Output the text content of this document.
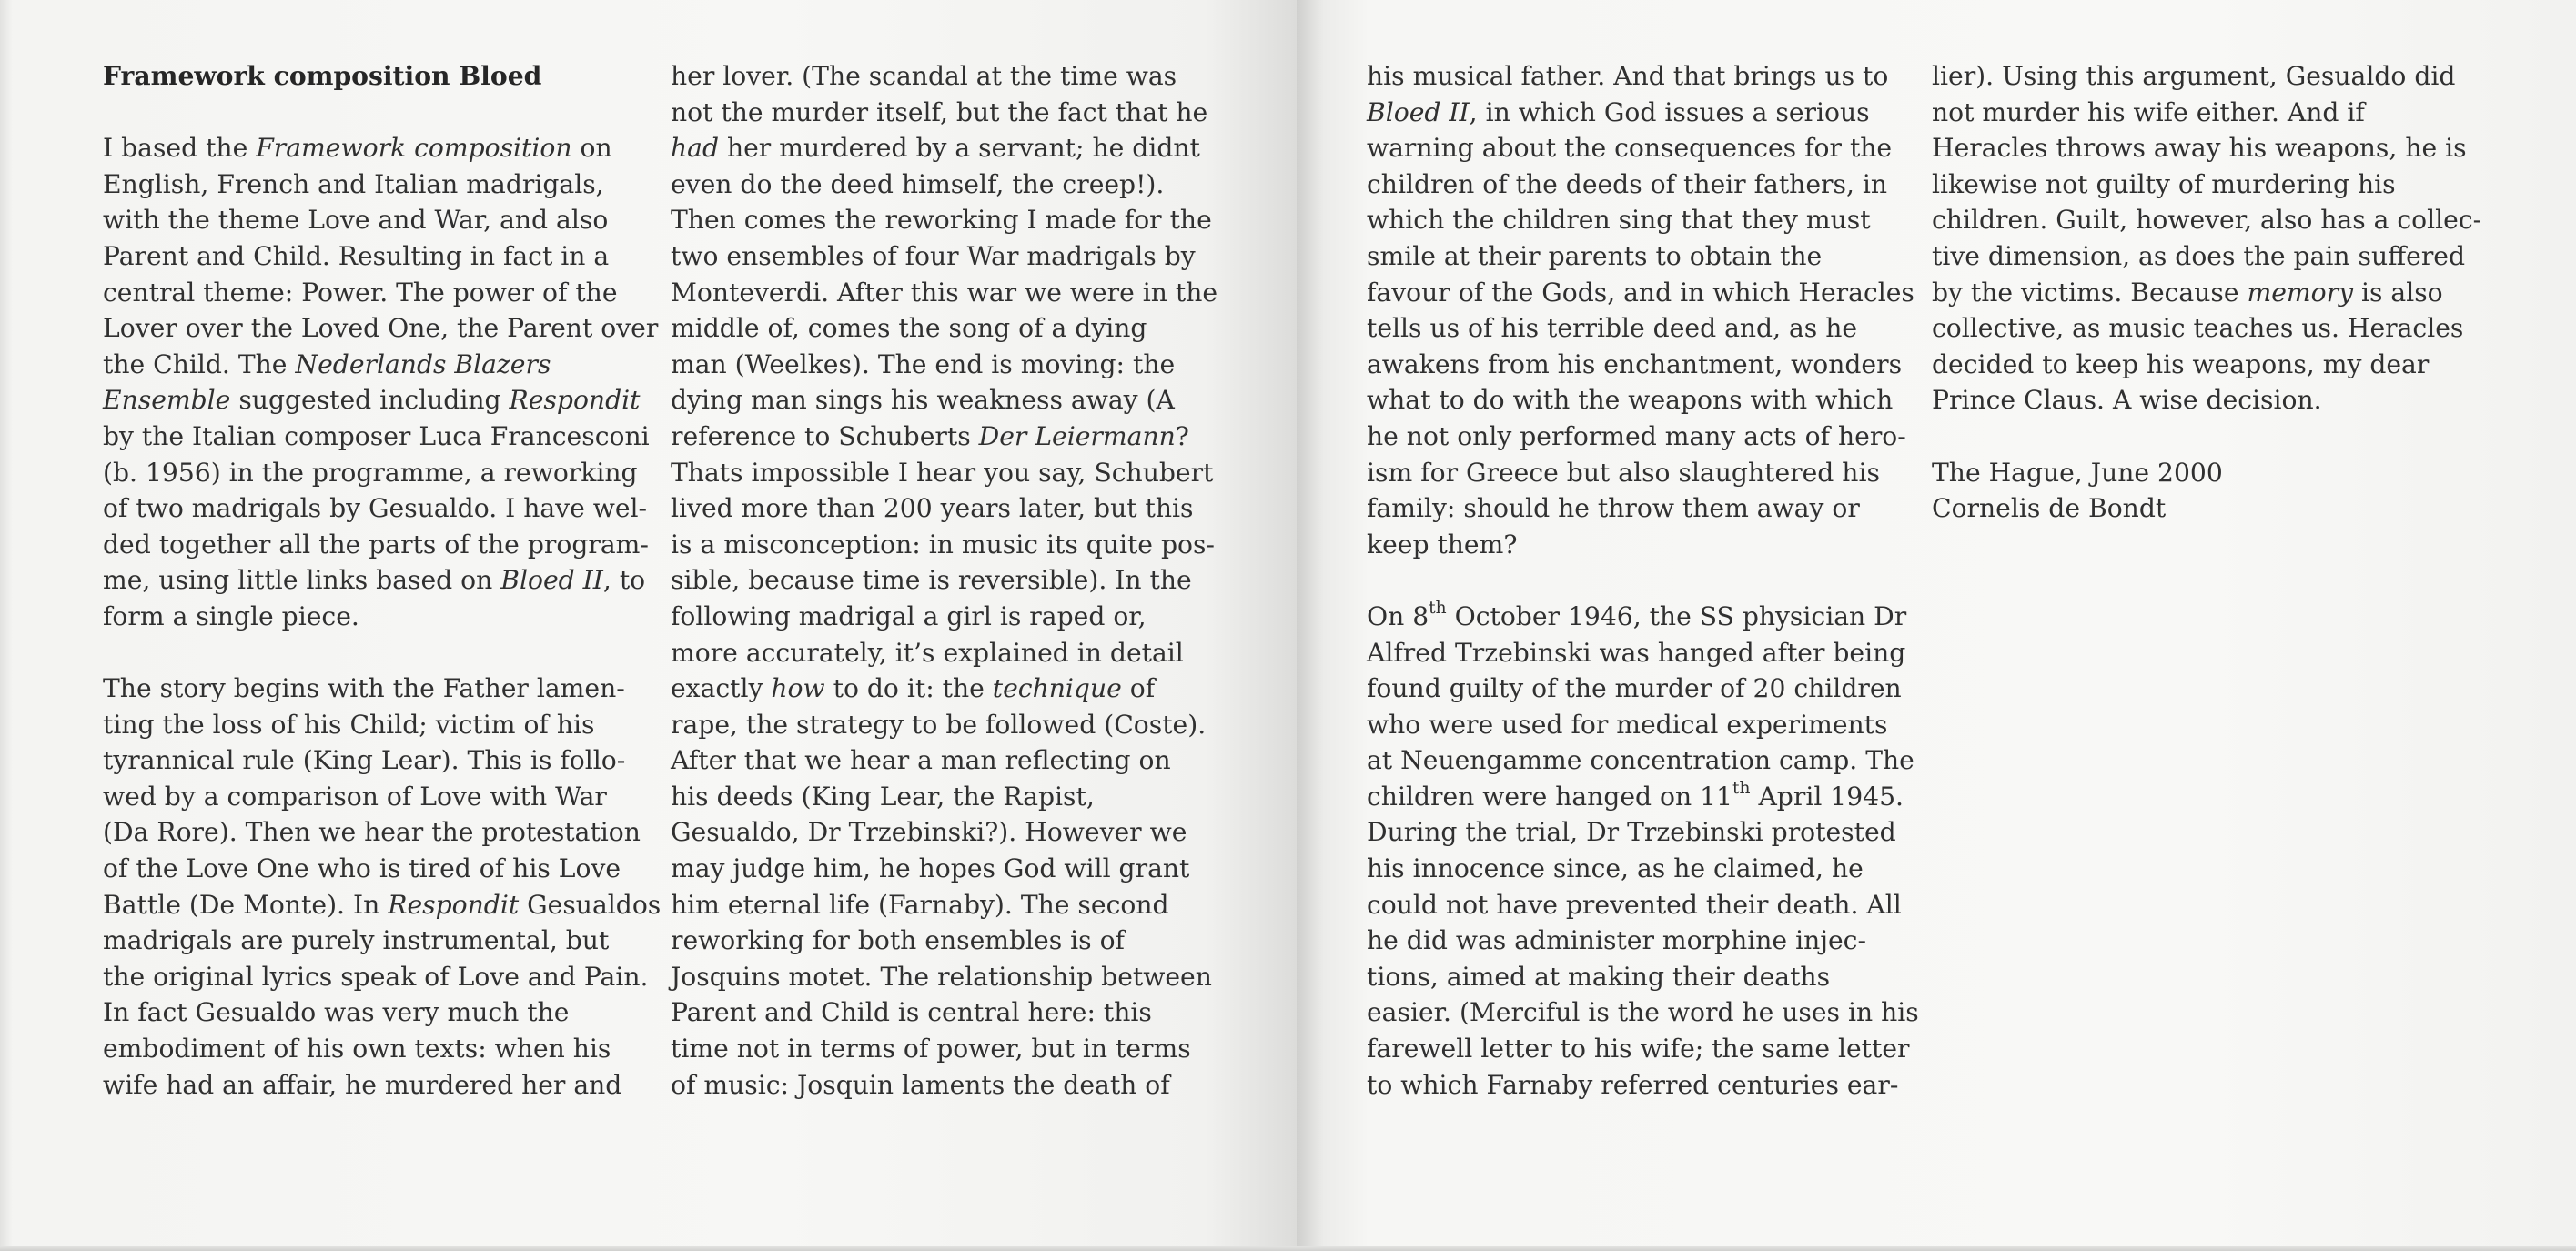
Framework composition Bloed

I based the Framework composition on
English, French and Italian madrigals,
with the theme Love and War, and also
Parent and Child. Resulting in fact in a
central theme: Power. The power of the
Lover over the Loved One, the Parent over
the Child. The Nederlands Blazers
Ensemble suggested including Respondit
by the Italian composer Luca Francesconi
(b. 1956) in the programme, a reworking
of two madrigals by Gesualdo. I have wel-
ded together all the parts of the program-
me, using little links based on Bloed II, to
form a single piece.

The story begins with the Father lamen-
ting the loss of his Child; victim of his
tyrannical rule (King Lear). This is follo-
wed by a comparison of Love with War
(Da Rore). Then we hear the protestation
of the Love One who is tired of his Love
Battle (De Monte). In Respondit Gesualdos
madrigals are purely instrumental, but
the original lyrics speak of Love and Pain.
In fact Gesualdo was very much the
embodiment of his own texts: when his
wife had an affair, he murdered her and

her lover. (The scandal at the time was
not the murder itself, but the fact that he
had her murdered by a servant; he didnt
even do the deed himself, the creep!).
Then comes the reworking I made for the
two ensembles of four War madrigals by
Monteverdi. After this war we were in the
middle of, comes the song of a dying
man (Weelkes). The end is moving: the
dying man sings his weakness away (A
reference to Schuberts Der Leiermann?
Thats impossible I hear you say, Schubert
lived more than 200 years later, but this
is a misconception: in music its quite pos-
sible, because time is reversible). In the
following madrigal a girl is raped or,
more accurately, it’s explained in detail
exactly how to do it: the technique of
rape, the strategy to be followed (Coste).
After that we hear a man reflecting on
his deeds (King Lear, the Rapist,
Gesualdo, Dr Trzebinski?). However we
may judge him, he hopes God will grant
him eternal life (Farnaby). The second
reworking for both ensembles is of
Josquins motet. The relationship between
Parent and Child is central here: this
time not in terms of power, but in terms
of music: Josquin laments the death of

his musical father. And that brings us to
Bloed II, in which God issues a serious
warning about the consequences for the
children of the deeds of their fathers, in
which the children sing that they must
smile at their parents to obtain the
favour of the Gods, and in which Heracles
tells us of his terrible deed and, as he
awakens from his enchantment, wonders
what to do with the weapons with which
he not only performed many acts of hero-
ism for Greece but also slaughtered his
family: should he throw them away or
keep them?

On 8th October 1946, the SS physician Dr
Alfred Trzebinski was hanged after being
found guilty of the murder of 20 children
who were used for medical experiments
at Neuengamme concentration camp. The
children were hanged on 11th April 1945.
During the trial, Dr Trzebinski protested
his innocence since, as he claimed, he
could not have prevented their death. All
he did was administer morphine injec-
tions, aimed at making their deaths
easier. (Merciful is the word he uses in his
farewell letter to his wife; the same letter
to which Farnaby referred centuries ear-

lier). Using this argument, Gesualdo did
not murder his wife either. And if
Heracles throws away his weapons, he is
likewise not guilty of murdering his
children. Guilt, however, also has a collec-
tive dimension, as does the pain suffered
by the victims. Because memory is also
collective, as music teaches us. Heracles
decided to keep his weapons, my dear
Prince Claus. A wise decision.

The Hague, June 2000
Cornelis de Bondt
